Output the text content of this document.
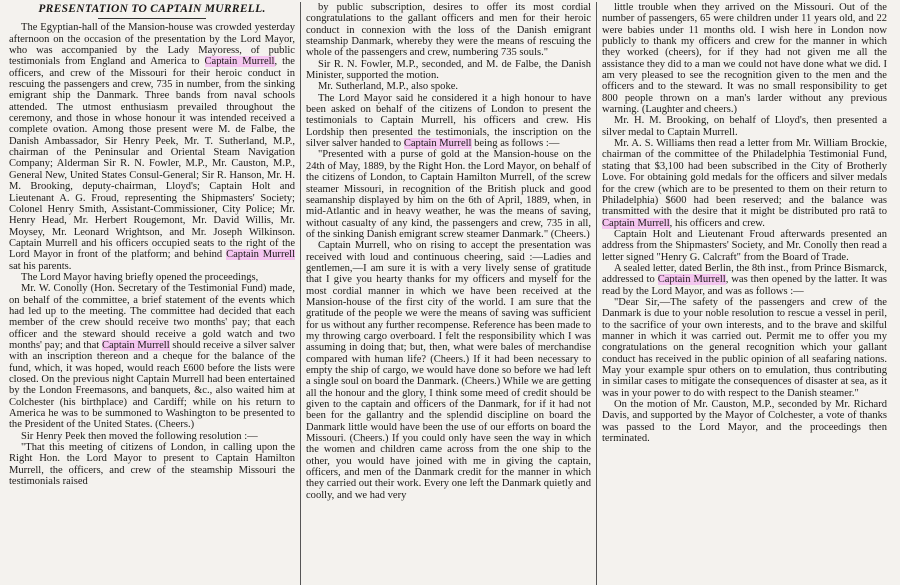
PRESENTATION TO CAPTAIN MURRELL.

The Egyptian-hall of the Mansion-house was crowded yesterday afternoon on the occasion of the presentation by the Lord Mayor, who was accompanied by the Lady Mayoress, of public testimonials from England and America to Captain Murrell, the officers, and crew of the Missouri for their heroic conduct in rescuing the passengers and crew, 735 in number, from the sinking emigrant ship the Danmark. Three bands from naval schools attended. The utmost enthusiasm prevailed throughout the ceremony, and those in whose honour it was intended received a complete ovation. Among those present were M. de Falbe, the Danish Ambassador, Sir Henry Peek, Mr. T. Sutherland, M.P., chairman of the Peninsular and Oriental Steam Navigation Company; Alderman Sir R. N. Fowler, M.P., Mr. Causton, M.P., General New, United States Consul-General; Sir R. Hanson, Mr. H. M. Brooking, deputy-chairman, Lloyd's; Captain Holt and Lieutenant A. G. Froud, representing the Shipmasters' Society; Colonel Henry Smith, Assistant-Commissioner, City Police; Mr. Henry Head, Mr. Herbert Rougemont, Mr. David Willis, Mr. Moysey, Mr. Leonard Wrightson, and Mr. Joseph Wilkinson. Captain Murrell and his officers occupied seats to the right of the Lord Mayor in front of the platform; and behind Captain Murrell sat his parents.

The Lord Mayor having briefly opened the proceedings,

Mr. W. Conolly (Hon. Secretary of the Testimonial Fund) made, on behalf of the committee, a brief statement of the events which had led up to the meeting. The committee had decided that each member of the crew should receive two months' pay; that each officer and the steward should receive a gold watch and two months' pay; and that Captain Murrell should receive a silver salver with an inscription thereon and a cheque for the balance of the fund, which, it was hoped, would reach £600 before the lists were closed. On the previous night Captain Murrell had been entertained by the London Freemasons, and banquets, &c., also waited him at Colchester (his birthplace) and Cardiff; while on his return to America he was to be summoned to Washington to be presented to the President of the United States. (Cheers.)

Sir Henry Peek then moved the following resolution :—

"That this meeting of citizens of London, in calling upon the Right Hon. the Lord Mayor to present to Captain Hamilton Murrell, the officers, and crew of the steamship Missouri the testimonials raised

by public subscription, desires to offer its most cordial congratulations to the gallant officers and men for their heroic conduct in connexion with the loss of the Danish emigrant steamship Danmark, whereby they were the means of rescuing the whole of the passengers and crew, numbering 735 souls."

Sir R. N. Fowler, M.P., seconded, and M. de Falbe, the Danish Minister, supported the motion.

Mr. Sutherland, M.P., also spoke.

The Lord Mayor said he considered it a high honour to have been asked on behalf of the citizens of London to present the testimonials to Captain Murrell, his officers and crew. His Lordship then presented the testimonials, the inscription on the silver salver handed to Captain Murrell being as follows :—

"Presented with a purse of gold at the Mansion-house on the 24th of May, 1889, by the Right Hon. the Lord Mayor, on behalf of the citizens of London, to Captain Hamilton Murrell, of the screw steamer Missouri, in recognition of the British pluck and good seamanship displayed by him on the 6th of April, 1889, when, in mid-Atlantic and in heavy weather, he was the means of saving, without casualty of any kind, the passengers and crew, 735 in all, of the sinking Danish emigrant screw steamer Danmark." (Cheers.)

Captain Murrell, who on rising to accept the presentation was received with loud and continuous cheering, said :—Ladies and gentlemen,—I am sure it is with a very lively sense of gratitude that I give you hearty thanks for my officers and myself for the most cordial manner in which we have been received at the Mansion-house of the first city of the world. I am sure that the gratitude of the people we were the means of saving was sufficient for us without any further recompense. Reference has been made to my throwing cargo overboard. I felt the responsibility which I was assuming in doing that; but, then, what were bales of merchandise compared with human life? (Cheers.) If it had been necessary to empty the ship of cargo, we would have done so before we had left a single soul on board the Danmark. (Cheers.) While we are getting all the honour and the glory, I think some meed of credit should be given to the captain and officers of the Danmark, for if it had not been for the gallantry and the splendid discipline on board the Danmark little would have been the use of our efforts on board the Missouri. (Cheers.) If you could only have seen the way in which the women and children came across from the one ship to the other, you would have joined with me in giving the captain, officers, and men of the Danmark credit for the manner in which they carried out their work. Every one left the Danmark quietly and coolly, and we had very

little trouble when they arrived on the Missouri. Out of the number of passengers, 65 were children under 11 years old, and 22 were babies under 11 months old. I wish here in London now publicly to thank my officers and crew for the manner in which they worked (cheers), for if they had not given me all the assistance they did to a man we could not have done what we did. I am very pleased to see the recognition given to the men and the officers and to the steward. It was no small responsibility to get 800 people thrown on a man's larder without any previous warning. (Laughter and cheers.)

Mr. H. M. Brooking, on behalf of Lloyd's, then presented a silver medal to Captain Murrell.

Mr. A. S. Williams then read a letter from Mr. William Brockie, chairman of the committee of the Philadelphia Testimonial Fund, stating that $3,100 had been subscribed in the City of Brotherly Love. For obtaining gold medals for the officers and silver medals for the crew (which are to be presented to them on their return to Philadelphia) $600 had been reserved; and the balance was transmitted with the desire that it might be distributed pro ratâ to Captain Murrell, his officers and crew.

Captain Holt and Lieutenant Froud afterwards presented an address from the Shipmasters' Society, and Mr. Conolly then read a letter signed "Henry G. Calcraft" from the Board of Trade.

A sealed letter, dated Berlin, the 8th inst., from Prince Bismarck, addressed to Captain Murrell, was then opened by the latter. It was read by the Lord Mayor, and was as follows :—

"Dear Sir,—The safety of the passengers and crew of the Danmark is due to your noble resolution to rescue a vessel in peril, to the sacrifice of your own interests, and to the brave and skilful manner in which it was carried out. Permit me to offer you my congratulations on the general recognition which your gallant conduct has received in the public opinion of all seafaring nations. May your example spur others on to emulation, thus contributing in similar cases to mitigate the consequences of disaster at sea, as it was in your power to do with respect to the Danish steamer."

On the motion of Mr. Causton, M.P., seconded by Mr. Richard Davis, and supported by the Mayor of Colchester, a vote of thanks was passed to the Lord Mayor, and the proceedings then terminated.
